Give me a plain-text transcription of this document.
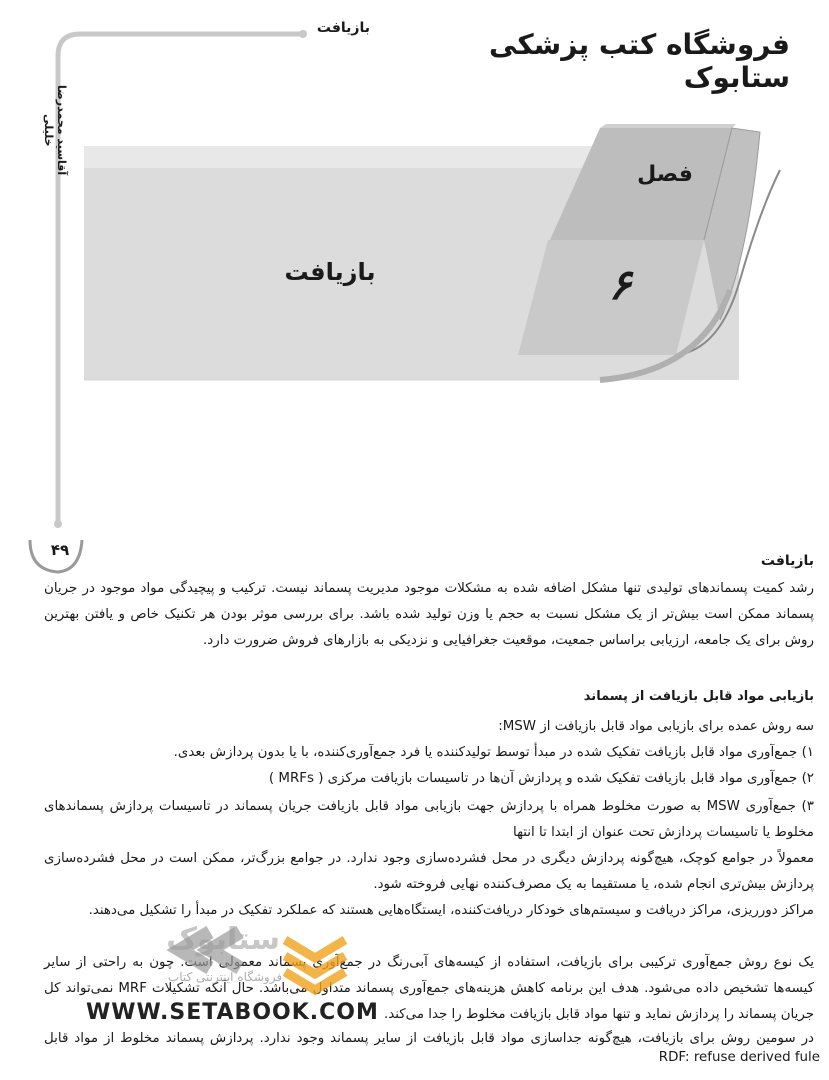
فروشگاه کتب پزشکی ستابوک
بازیافت
آقاسید محمدرضا خلیلی
۴۹
فصل
۶
بازیافت
بازیافت
رشد کمیت پسماندهای تولیدی تنها مشکل اضافه شده به مشکلات موجود مدیریت پسماند نیست. ترکیب و پیچیدگی مواد موجود در جریان پسماند ممکن است بیش‌تر از یک مشکل نسبت به حجم یا وزن تولید شده باشد. برای بررسی موثر بودن هر تکنیک خاص و یافتن بهترین روش برای یک جامعه، ارزیابی براساس جمعیت، موقعیت جغرافیایی و نزدیکی به بازارهای فروش ضرورت دارد.
بازیابی مواد قابل بازیافت از پسماند
سه روش عمده برای بازیابی مواد قابل بازیافت از MSW:
۱) جمع‌آوری مواد قابل بازیافت تفکیک شده در مبدأ توسط تولیدکننده یا فرد جمع‌آوری‌کننده، با یا بدون پردازش بعدی.
۲) جمع‌آوری مواد قابل بازیافت تفکیک شده و پردازش آن‌ها در تاسیسات بازیافت مرکزی ( MRFs )
۳) جمع‌آوری MSW به صورت مخلوط همراه با پردازش جهت بازیابی مواد قابل بازیافت جریان پسماند در تاسیسات پردازش پسماندهای مخلوط یا تاسیسات پردازش تحت عنوان از ابتدا تا انتها
معمولاً در جوامع کوچک، هیچ‌گونه پردازش دیگری در محل فشرده‌سازی وجود ندارد. در جوامع بزرگ‌تر، ممکن است در محل فشرده‌سازی پردازش بیش‌تری انجام شده، یا مستقیما به یک مصرف‌کننده نهایی فروخته شود.
مراکز دورریزی، مراکز دریافت و سیستم‌های خودکار دریافت‌کننده، ایستگاه‌هایی هستند که عملکرد تفکیک در مبدأ را تشکیل می‌دهند.
یک نوع روش جمع‌آوری ترکیبی برای بازیافت، استفاده از کیسه‌های آبی‌رنگ در جمع‌آوری پسماند معمولی است. چون به راحتی از سایر کیسه‌ها تشخیص داده می‌شود. هدف این برنامه کاهش هزینه‌های جمع‌آوری پسماند متداول می‌باشد. حال آنکه تشکیلات MRF نمی‌تواند کل جریان پسماند را پردازش نماید و تنها مواد قابل بازیافت مخلوط را جدا می‌کند.
در سومین روش برای بازیافت، هیچ‌گونه جداسازی مواد قابل بازیافت از سایر پسماند وجود ندارد. پردازش پسماند مخلوط از مواد قابل
RDF: refuse derived fule
ستابوک
فروشگاه اینترنتی کتاب
WWW.SETABOOK.COM
